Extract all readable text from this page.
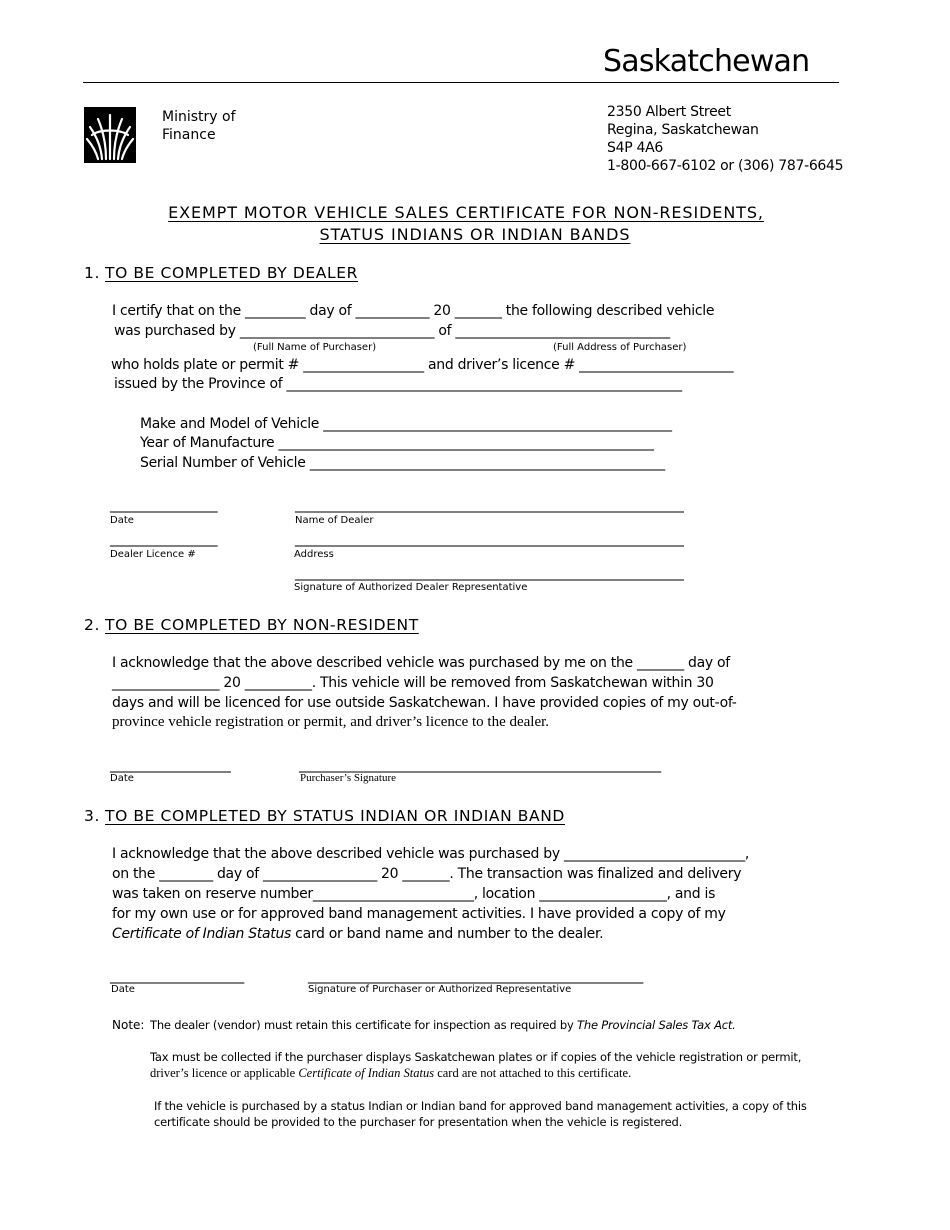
Saskatchewan
Ministry of
Finance
2350 Albert Street
Regina, Saskatchewan
S4P 4A6
1-800-667-6102 or (306) 787-6645
EXEMPT MOTOR VEHICLE SALES CERTIFICATE FOR NON-RESIDENTS,
STATUS INDIANS OR INDIAN BANDS
1. TO BE COMPLETED BY DEALER
I certify that on the _________ day of ___________ 20 _______ the following described vehicle
was purchased by _____________________________ of ________________________________
(Full Name of Purchaser)	(Full Address of Purchaser)
who holds plate or permit # __________________ and driver’s licence # _______________________
issued by the Province of ___________________________________________________________
Make and Model of Vehicle ____________________________________________________
Year of Manufacture ________________________________________________________
Serial Number of Vehicle _____________________________________________________
________________	__________________________________________________________
Date	Name of Dealer
________________	__________________________________________________________
Dealer Licence #	Address
__________________________________________________________
Signature of Authorized Dealer Representative
2. TO BE COMPLETED BY NON-RESIDENT
I acknowledge that the above described vehicle was purchased by me on the _______ day of
________________ 20 __________. This vehicle will be removed from Saskatchewan within 30
days and will be licenced for use outside Saskatchewan. I have provided copies of my out-of-
province vehicle registration or permit, and driver’s licence to the dealer.
__________________	______________________________________________________
Date	Purchaser’s Signature
3. TO BE COMPLETED BY STATUS INDIAN OR INDIAN BAND
I acknowledge that the above described vehicle was purchased by ___________________________,
on the ________ day of _________________ 20 _______. The transaction was finalized and delivery
was taken on reserve number________________________, location ___________________, and is
for my own use or for approved band management activities. I have provided a copy of my
Certificate of Indian Status card or band name and number to the dealer.
____________________	__________________________________________________
Date	Signature of Purchaser or Authorized Representative
Note: The dealer (vendor) must retain this certificate for inspection as required by The Provincial Sales Tax Act.
Tax must be collected if the purchaser displays Saskatchewan plates or if copies of the vehicle registration or permit,
driver’s licence or applicable Certificate of Indian Status card are not attached to this certificate.
If the vehicle is purchased by a status Indian or Indian band for approved band management activities, a copy of this
certificate should be provided to the purchaser for presentation when the vehicle is registered.
